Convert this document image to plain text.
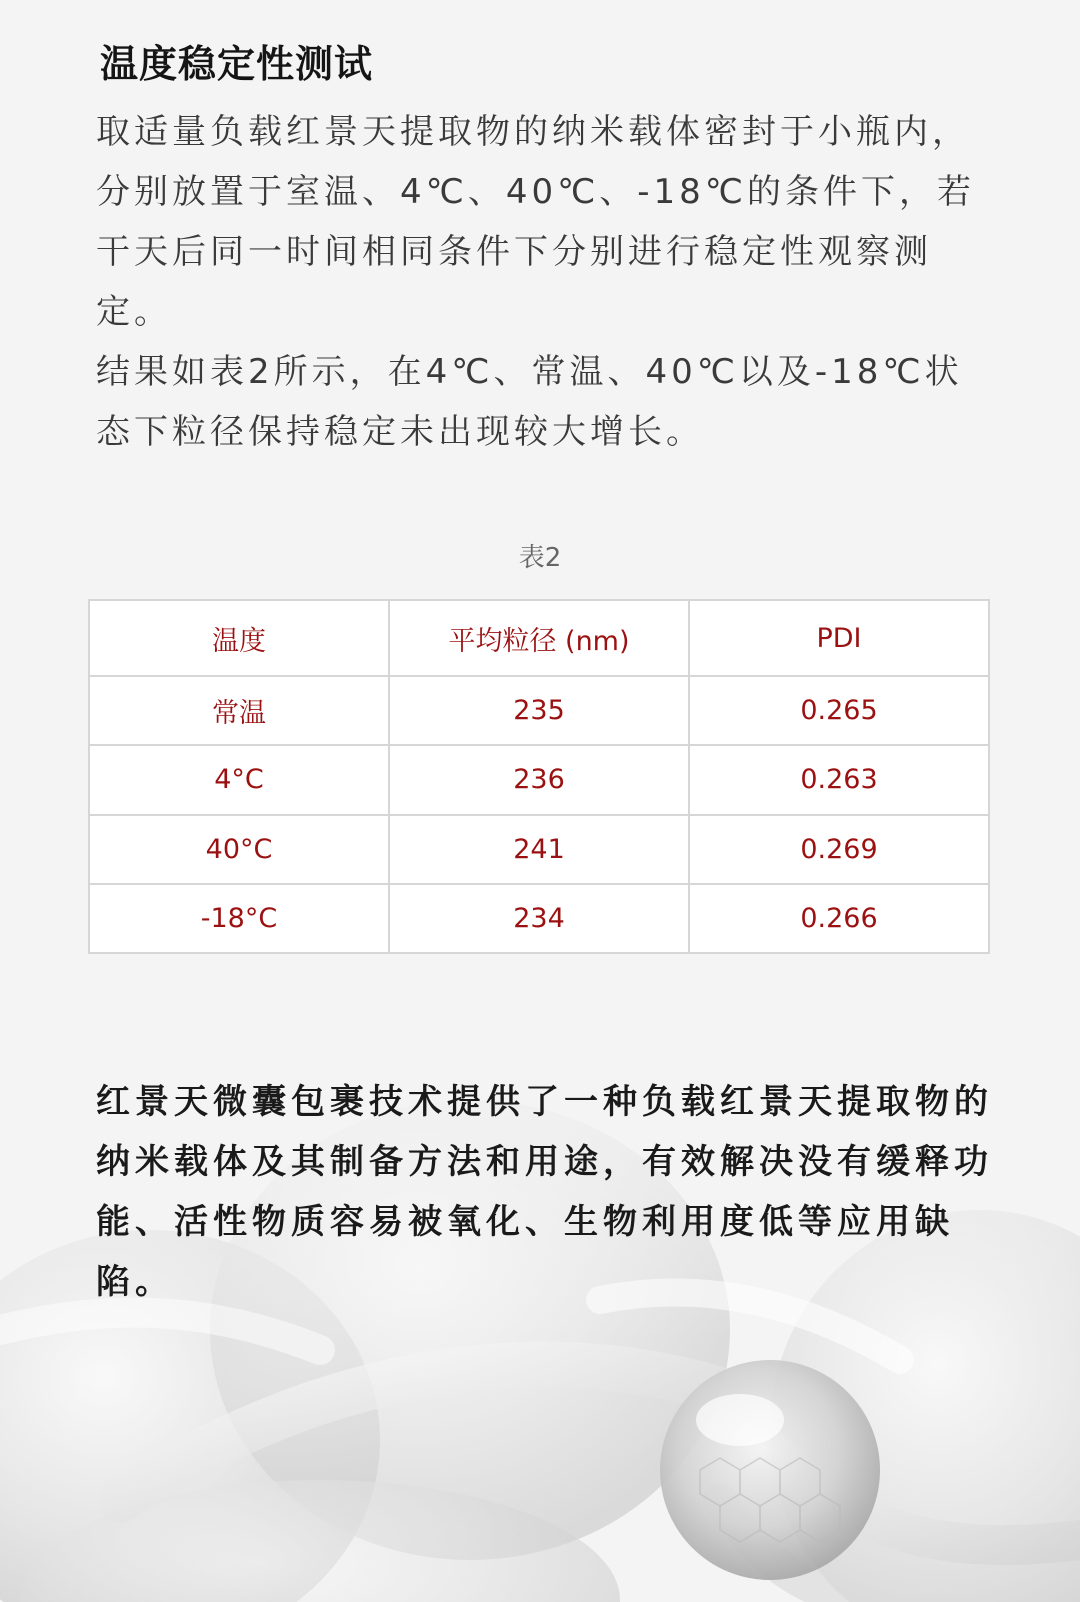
温度稳定性测试

取适量负载红景天提取物的纳米载体密封于小瓶内，分别放置于室温、4℃、40℃、-18℃的条件下，若干天后同一时间相同条件下分别进行稳定性观察测定。

结果如表2所示，在4℃、常温、40℃以及-18℃状态下粒径保持稳定未出现较大增长。

表2
温度	平均粒径 (nm)	PDI
常温	235	0.265
4°C	236	0.263
40°C	241	0.269
-18°C	234	0.266

红景天微囊包裹技术提供了一种负载红景天提取物的纳米载体及其制备方法和用途，有效解决没有缓释功能、活性物质容易被氧化、生物利用度低等应用缺陷。
